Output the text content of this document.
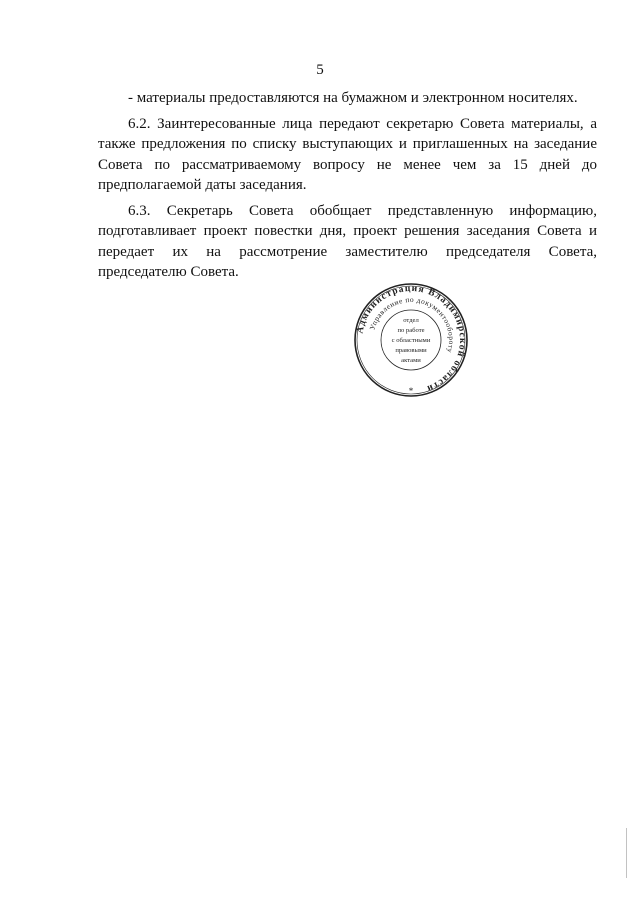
5

- материалы предоставляются на бумажном и электронном носителях.

6.2. Заинтересованные лица передают секретарю Совета материалы, а также предложения по списку выступающих и приглашенных на заседание Совета по рассматриваемому вопросу не менее чем за 15 дней до предполагаемой даты заседания.

6.3. Секретарь Совета обобщает представленную информацию, подготавливает проект повестки дня, проект решения заседания Совета и передает их на рассмотрение заместителю председателя Совета, председателю Совета.

Администрация Владимирской области
Управление по документообороту
отдел
по работе
с областными
правовыми
актами
*
